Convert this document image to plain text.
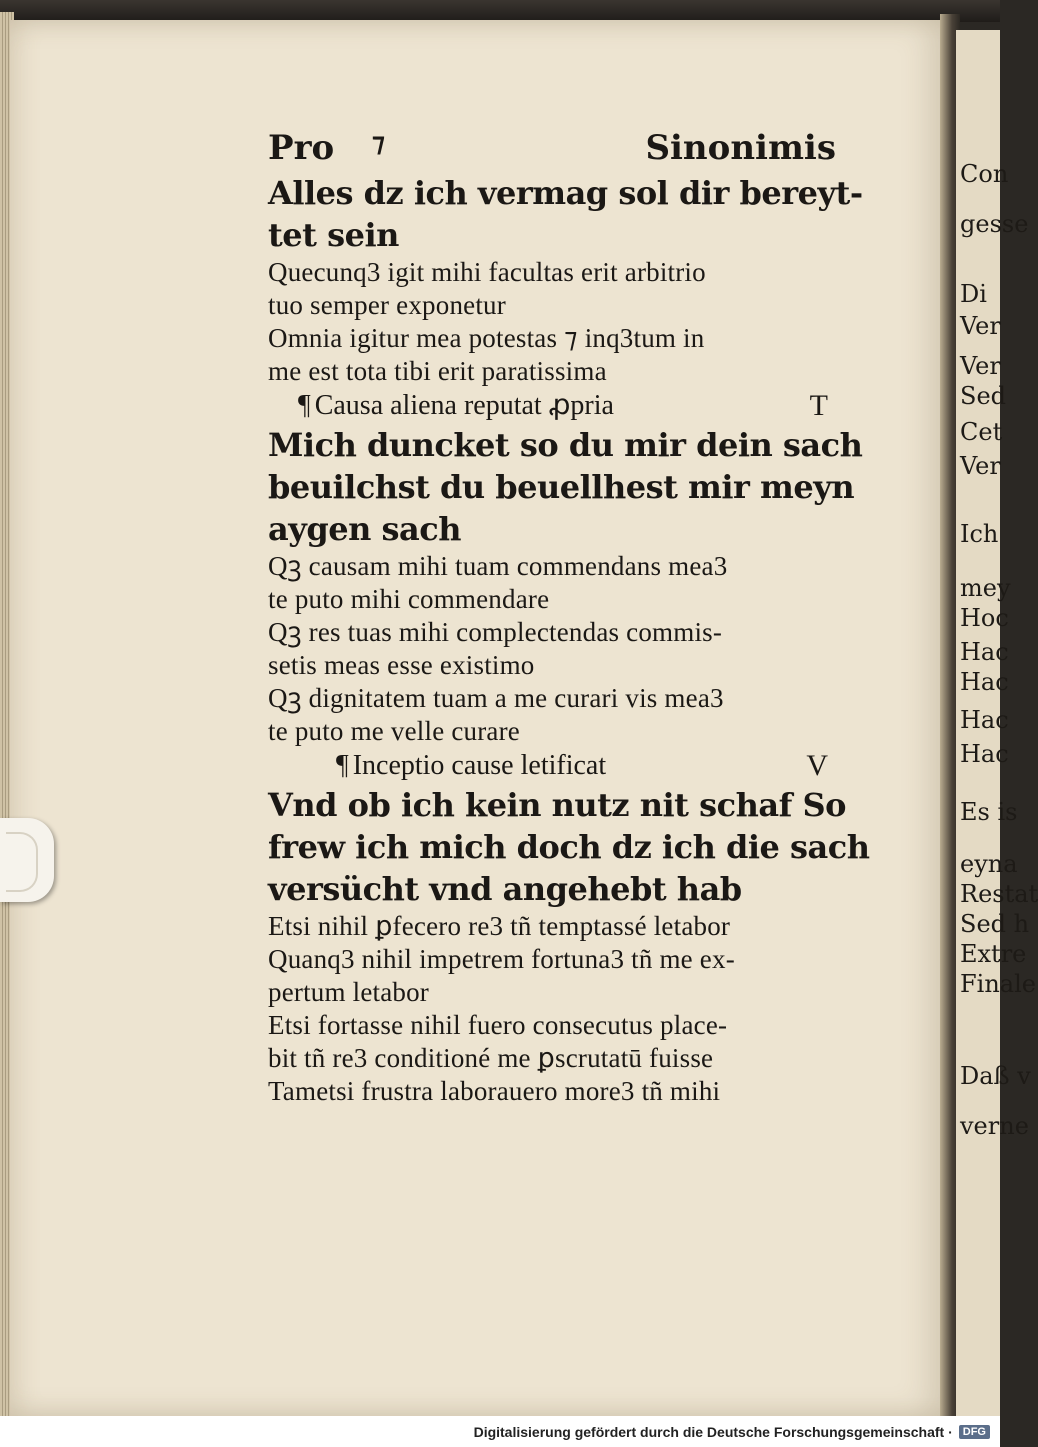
Con
gesse
Di
Ver
Ver
Sed
Cet
Ver
Ich
mey
Hoc
Hac
Hac
Hac
Hac
Es is
eyna
Restat
Sed h
Extre
Finale
Daß v
verne
Pro ⁊	Sinonimis
Alles dz ich vermag sol dir bereyt-
tet sein
Quecunq3 igit mihi facultas erit arbitrio
tuo semper exponetur
Omnia igitur mea potestas ⁊ inq3tum in
me est tota tibi erit paratissima
¶ Causa aliena reputat ꝓpria	T
Mich duncket so du mir dein sach
beuilchst du beuellhest mir meyn
aygen sach
Qꝫ causam mihi tuam commendans mea3
te puto mihi commendare
Qꝫ res tuas mihi complectendas commis-
setis meas esse existimo
Qꝫ dignitatem tuam a me curari vis mea3
te puto me velle curare
¶ Inceptio cause letificat	V
Vnd ob ich kein nutz nit schaf So
frew ich mich doch dz ich die sach
versücht vnd angehebt hab
Etsi nihil ꝑfecero re3 tñ temptassé letabor
Quanq3 nihil impetrem fortuna3 tñ me ex-
pertum letabor
Etsi fortasse nihil fuero consecutus place-
bit tñ re3 conditioné me ꝑscrutatū fuisse
Tametsi frustra laborauero more3 tñ mihi
Digitalisierung gefördert durch die Deutsche Forschungsgemeinschaft · DFG
